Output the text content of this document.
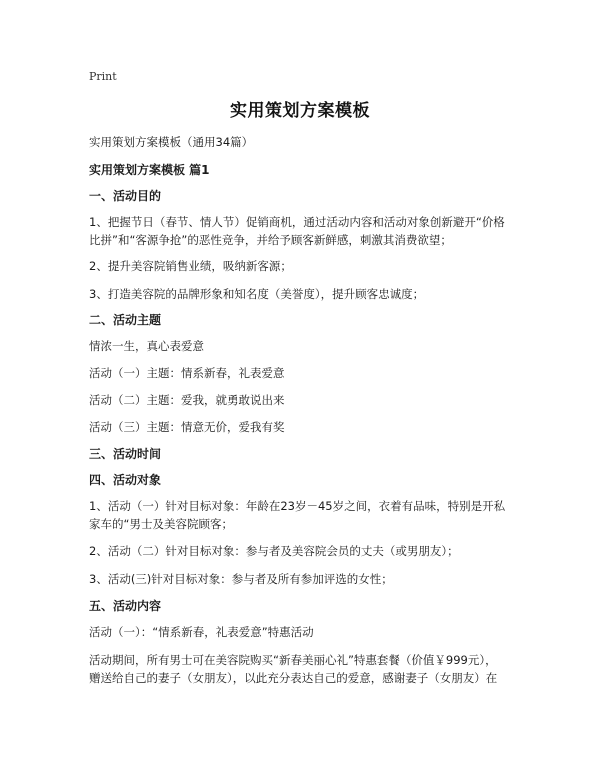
Print
实用策划方案模板
实用策划方案模板（通用34篇）
实用策划方案模板 篇1
一、活动目的
1、把握节日（春节、情人节）促销商机，通过活动内容和活动对象创新避开“价格
比拼”和“客源争抢”的恶性竞争，并给予顾客新鲜感，刺激其消费欲望；
2、提升美容院销售业绩，吸纳新客源；
3、打造美容院的品牌形象和知名度（美誉度），提升顾客忠诚度；
二、活动主题
情浓一生，真心表爱意
活动（一）主题：情系新春，礼表爱意
活动（二）主题：爱我，就勇敢说出来
活动（三）主题：情意无价，爱我有奖
三、活动时间
四、活动对象
1、活动（一）针对目标对象：年龄在23岁－45岁之间，衣着有品味，特别是开私
家车的“男士及美容院顾客；
2、活动（二）针对目标对象：参与者及美容院会员的丈夫（或男朋友）；
3、活动(三)针对目标对象：参与者及所有参加评选的女性；
五、活动内容
活动（一）：“情系新春，礼表爱意”特惠活动
活动期间，所有男士可在美容院购买“新春美丽心礼”特惠套餐（价值￥999元），
赠送给自己的妻子（女朋友），以此充分表达自己的爱意，感谢妻子（女朋友）在
